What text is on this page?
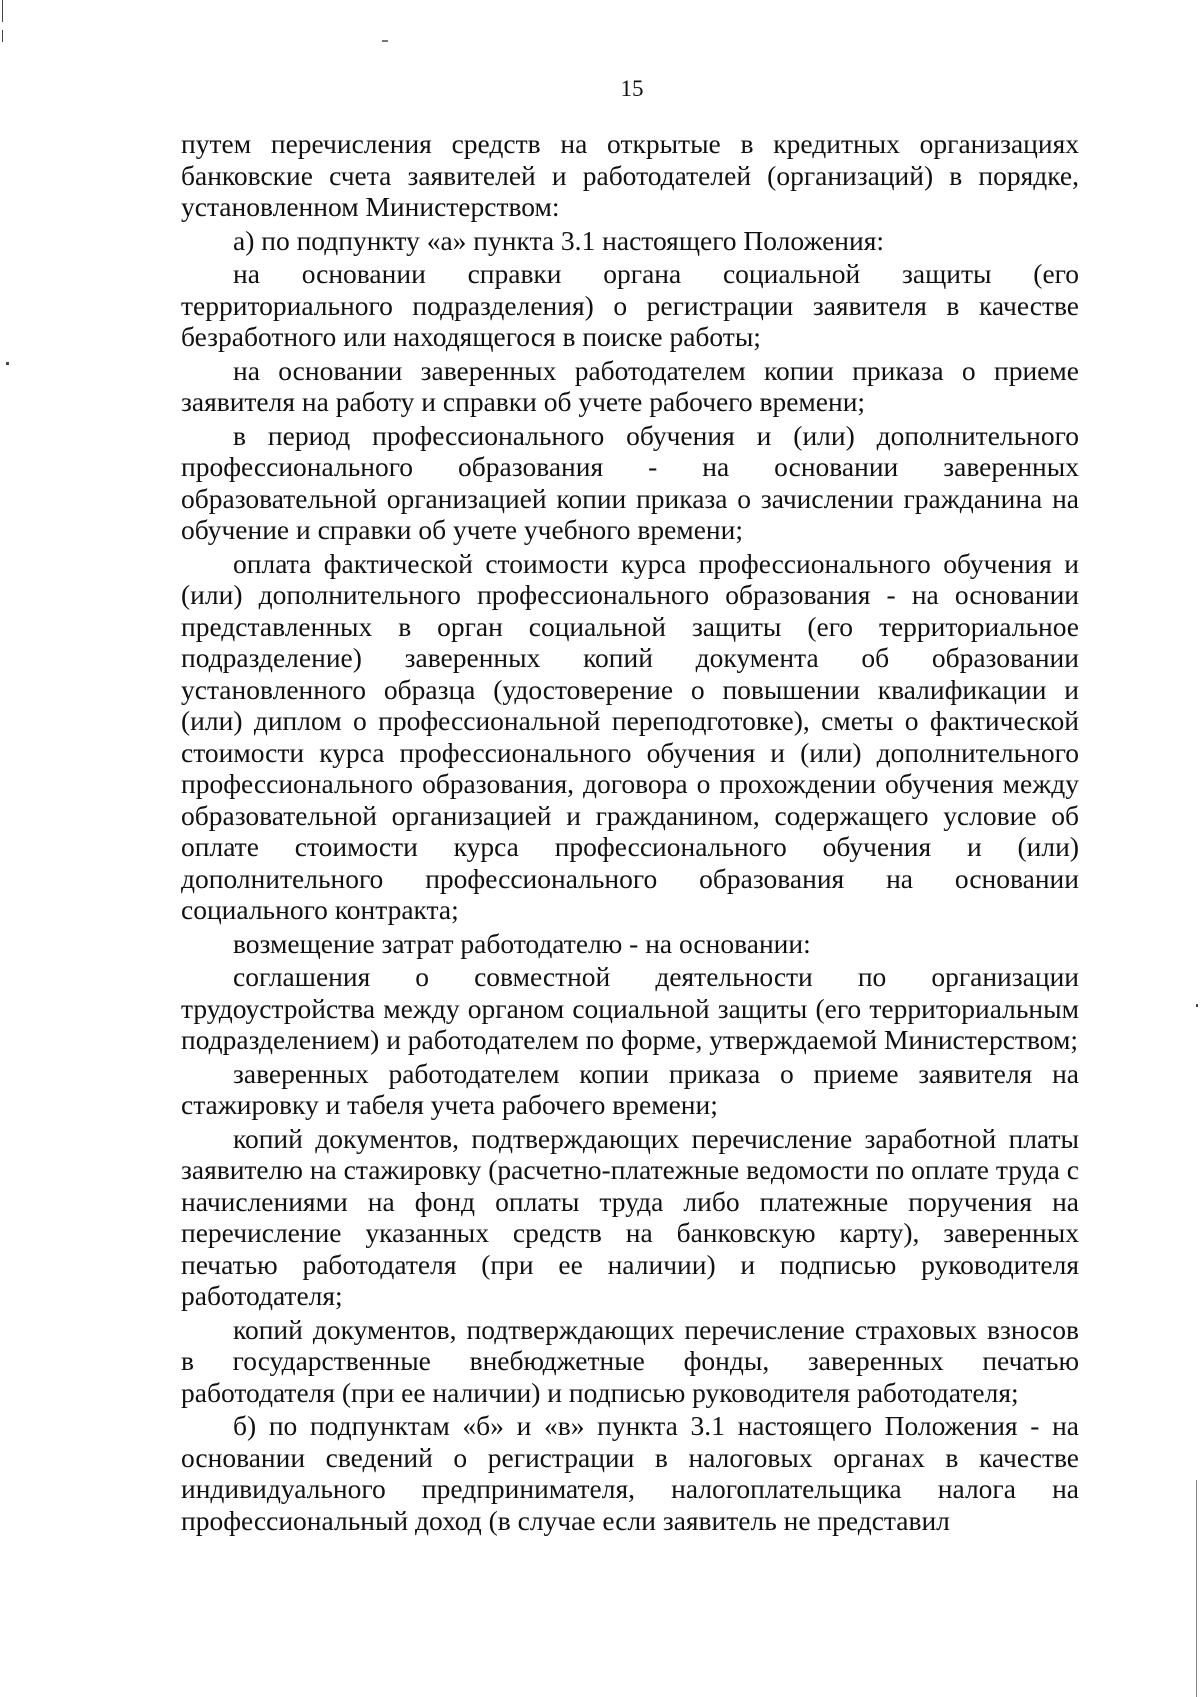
15

путем перечисления средств на открытые в кредитных организациях банковские счета заявителей и работодателей (организаций) в порядке, установленном Министерством:

а) по подпункту «а» пункта 3.1 настоящего Положения:

на основании справки органа социальной защиты (его территориального подразделения) о регистрации заявителя в качестве безработного или находящегося в поиске работы;

на основании заверенных работодателем копии приказа о приеме заявителя на работу и справки об учете рабочего времени;

в период профессионального обучения и (или) дополнительного профессионального образования - на основании заверенных образовательной организацией копии приказа о зачислении гражданина на обучение и справки об учете учебного времени;

оплата фактической стоимости курса профессионального обучения и (или) дополнительного профессионального образования - на основании представленных в орган социальной защиты (его территориальное подразделение) заверенных копий документа об образовании установленного образца (удостоверение о повышении квалификации и (или) диплом о профессиональной переподготовке), сметы о фактической стоимости курса профессионального обучения и (или) дополнительного профессионального образования, договора о прохождении обучения между образовательной организацией и гражданином, содержащего условие об оплате стоимости курса профессионального обучения и (или) дополнительного профессионального образования на основании социального контракта;

возмещение затрат работодателю - на основании:

соглашения о совместной деятельности по организации трудоустройства между органом социальной защиты (его территориальным подразделением) и работодателем по форме, утверждаемой Министерством;

заверенных работодателем копии приказа о приеме заявителя на стажировку и табеля учета рабочего времени;

копий документов, подтверждающих перечисление заработной платы заявителю на стажировку (расчетно-платежные ведомости по оплате труда с начислениями на фонд оплаты труда либо платежные поручения на перечисление указанных средств на банковскую карту), заверенных печатью работодателя (при ее наличии) и подписью руководителя работодателя;

копий документов, подтверждающих перечисление страховых взносов в государственные внебюджетные фонды, заверенных печатью работодателя (при ее наличии) и подписью руководителя работодателя;

б) по подпунктам «б» и «в» пункта 3.1 настоящего Положения - на основании сведений о регистрации в налоговых органах в качестве индивидуального предпринимателя, налогоплательщика налога на профессиональный доход (в случае если заявитель не представил
